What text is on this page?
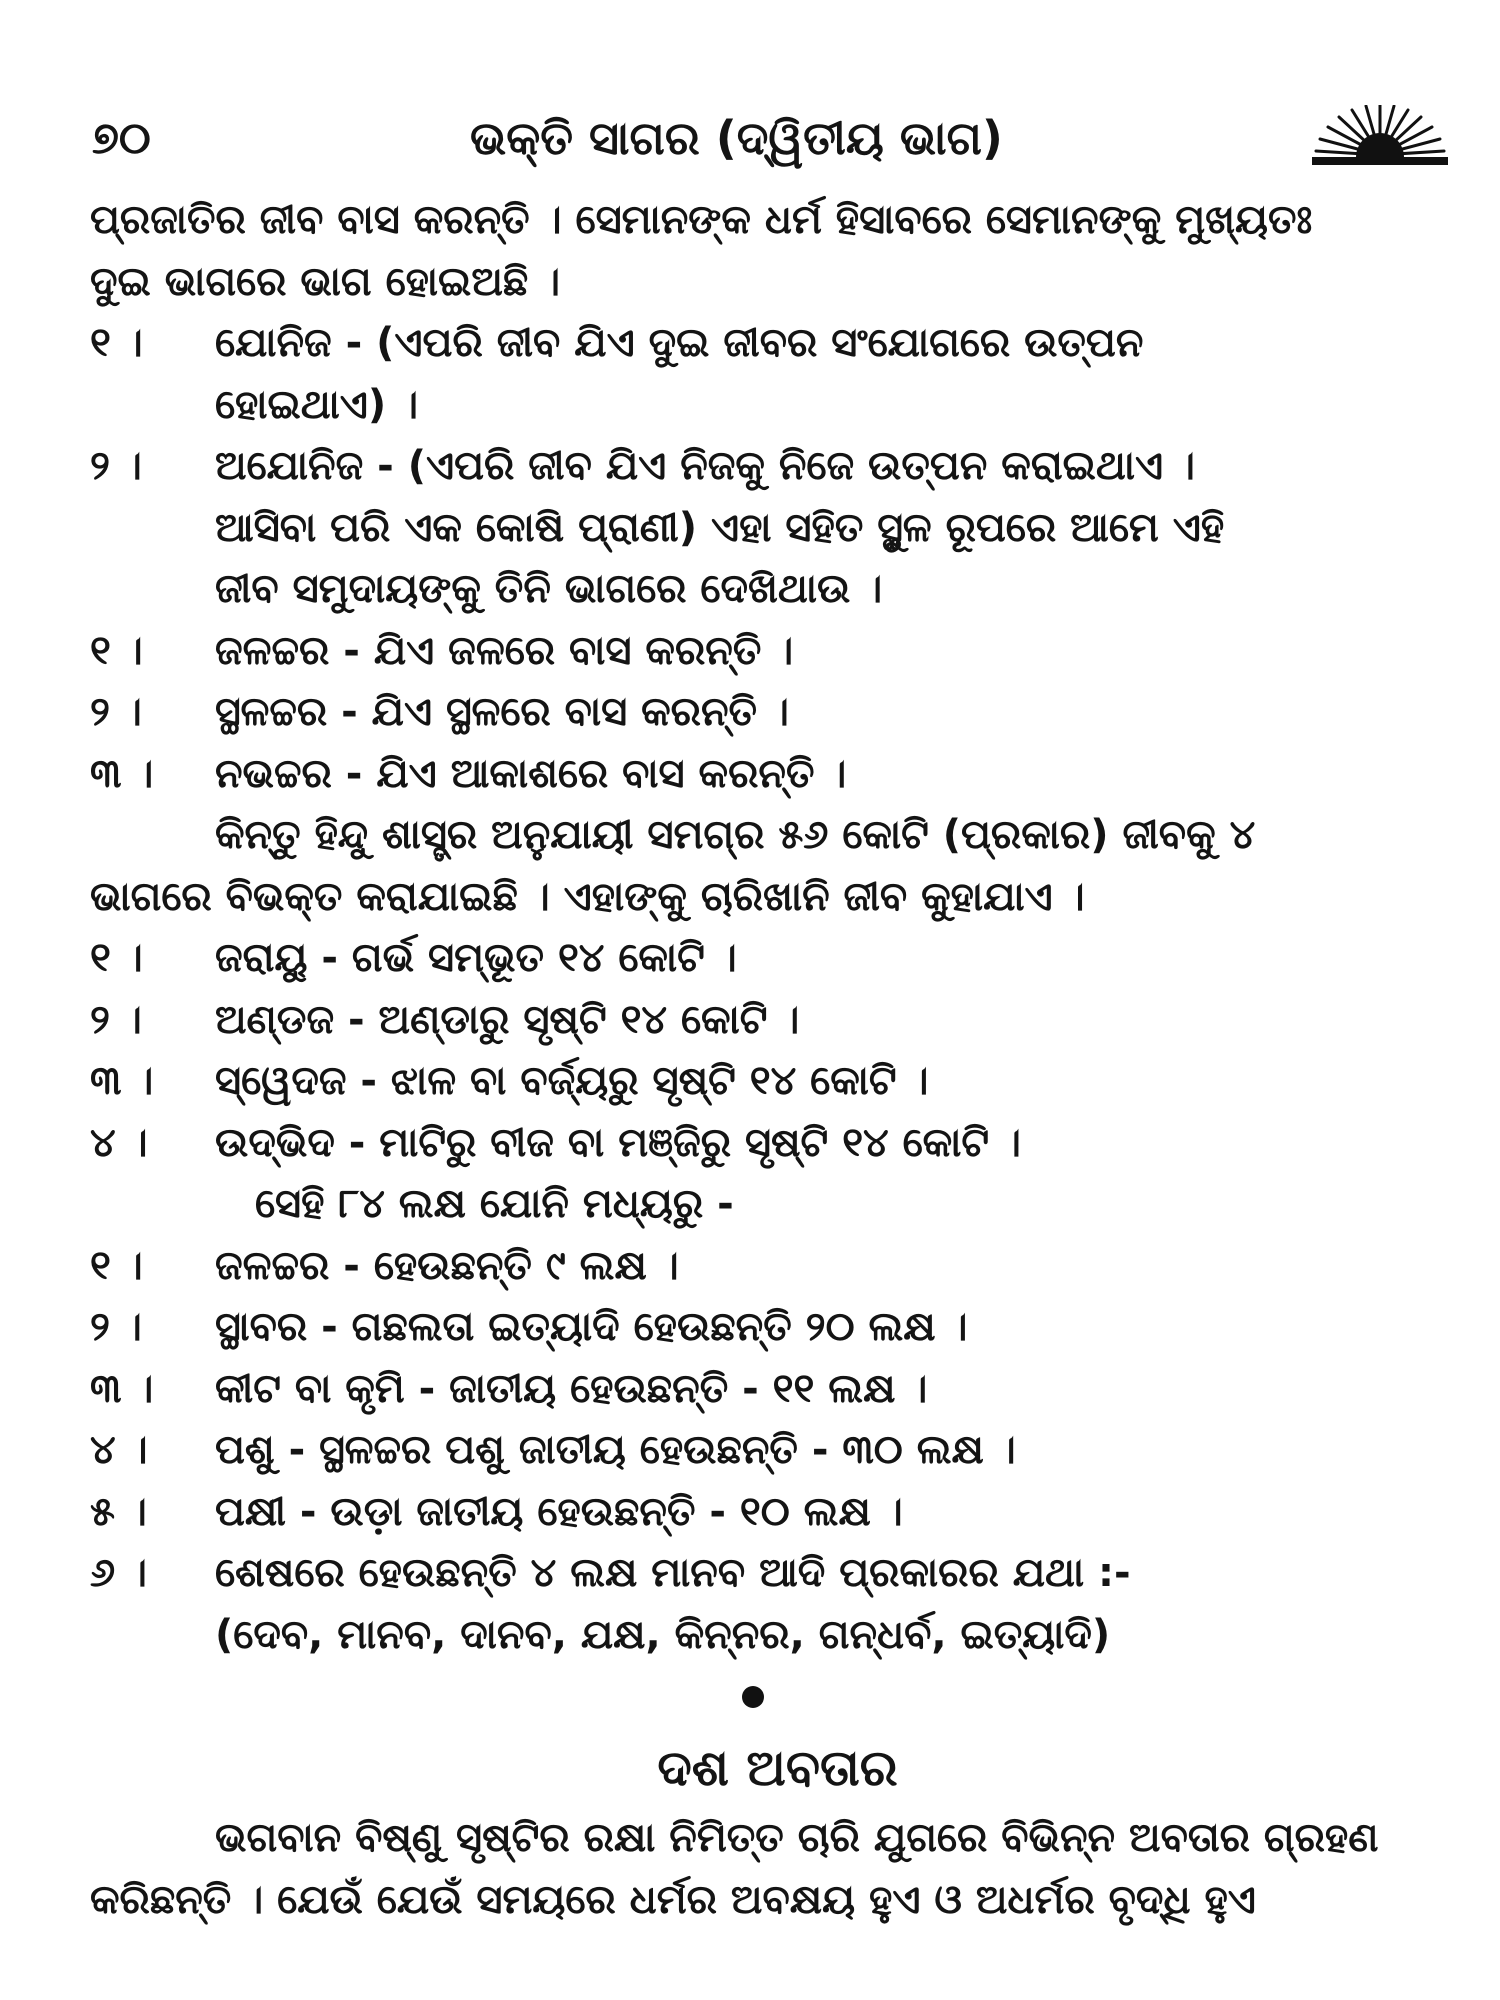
୭୦	ଭକ୍ତି ସାଗର (ଦ୍ୱିତୀୟ ଭାଗ)
ପ୍ରଜାତିର ଜୀବ ବାସ କରନ୍ତି । ସେମାନଙ୍କ ଧର୍ମ ହିସାବରେ ସେମାନଙ୍କୁ ମୁଖ୍ୟତଃ
ଦୁଇ ଭାଗରେ ଭାଗ ହୋଇଅଛି ।
୧ ।	ଯୋନିଜ - (ଏପରି ଜୀବ ଯିଏ ଦୁଇ ଜୀବର ସଂଯୋଗରେ ଉତ୍ପନ
ହୋଇଥାଏ) ।
୨ ।	ଅଯୋନିଜ - (ଏପରି ଜୀବ ଯିଏ ନିଜକୁ ନିଜେ ଉତ୍ପନ କରାଇଥାଏ ।
ଆସିବା ପରି ଏକ କୋଷି ପ୍ରାଣୀ) ଏହା ସହିତ ସ୍ଥୁଳ ରୂପରେ ଆମେ ଏହି
ଜୀବ ସମୁଦାୟଙ୍କୁ ତିନି ଭାଗରେ ଦେଖିଥାଉ ।
୧ ।	ଜଳଚ୍ଚର - ଯିଏ ଜଳରେ ବାସ କରନ୍ତି ।
୨ ।	ସ୍ଥଳଚ୍ଚର - ଯିଏ ସ୍ଥଳରେ ବାସ କରନ୍ତି ।
୩ ।	ନଭଚ୍ଚର - ଯିଏ ଆକାଶରେ ବାସ କରନ୍ତି ।
କିନ୍ତୁ ହିନ୍ଦୁ ଶାସ୍ତ୍ର ଅନୁଯାୟୀ ସମଗ୍ର ୫୬ କୋଟି (ପ୍ରକାର) ଜୀବକୁ ୪
ଭାଗରେ ବିଭକ୍ତ କରାଯାଇଛି । ଏହାଙ୍କୁ ଚାରିଖାନି ଜୀବ କୁହାଯାଏ ।
୧ ।	ଜରାୟୁ - ଗର୍ଭ ସମ୍ଭୂତ ୧୪ କୋଟି ।
୨ ।	ଅଣ୍ଡଜ - ଅଣ୍ଡାରୁ ସୃଷ୍ଟି ୧୪ କୋଟି ।
୩ ।	ସ୍ୱେଦଜ - ଝାଳ ବା ବର୍ଜ୍ୟରୁ ସୃଷ୍ଟି ୧୪ କୋଟି ।
୪ ।	ଉଦ୍ଭିଦ - ମାଟିରୁ ବୀଜ ବା ମଞ୍ଜିରୁ ସୃଷ୍ଟି ୧୪ କୋଟି ।
ସେହି ୮୪ ଲକ୍ଷ ଯୋନି ମଧ୍ୟରୁ -
୧ ।	ଜଳଚ୍ଚର - ହେଉଛନ୍ତି ୯ ଲକ୍ଷ ।
୨ ।	ସ୍ଥାବର - ଗଛଲତା ଇତ୍ୟାଦି ହେଉଛନ୍ତି ୨୦ ଲକ୍ଷ ।
୩ ।	କୀଟ ବା କୃମି - ଜାତୀୟ ହେଉଛନ୍ତି - ୧୧ ଲକ୍ଷ ।
୪ ।	ପଶୁ - ସ୍ଥଳଚ୍ଚର ପଶୁ ଜାତୀୟ ହେଉଛନ୍ତି - ୩୦ ଲକ୍ଷ ।
୫ ।	ପକ୍ଷୀ - ଉଡ଼ା ଜାତୀୟ ହେଉଛନ୍ତି - ୧୦ ଲକ୍ଷ ।
୬ ।	ଶେଷରେ ହେଉଛନ୍ତି ୪ ଲକ୍ଷ ମାନବ ଆଦି ପ୍ରକାରର ଯଥା :-
(ଦେବ, ମାନବ, ଦାନବ, ଯକ୍ଷ, କିନ୍ନର, ଗନ୍ଧର୍ବ, ଇତ୍ୟାଦି)
ଦଶ ଅବତାର
ଭଗବାନ ବିଷ୍ଣୁ ସୃଷ୍ଟିର ରକ୍ଷା ନିମିତ୍ତ ଚାରି ଯୁଗରେ ବିଭିନ୍ନ ଅବତାର ଗ୍ରହଣ
କରିଛନ୍ତି । ଯେଉଁ ଯେଉଁ ସମୟରେ ଧର୍ମର ଅବକ୍ଷୟ ହୁଏ ଓ ଅଧର୍ମର ବୃଦ୍ଧି ହୁଏ
